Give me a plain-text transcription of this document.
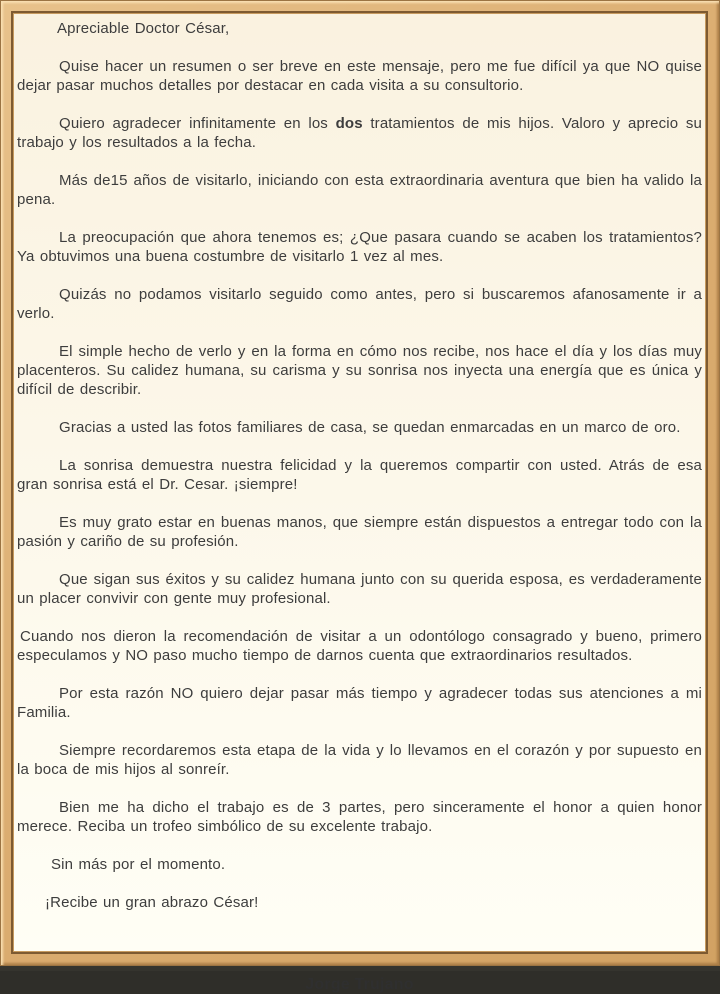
Apreciable Doctor César,

Quise hacer un resumen o ser breve en este mensaje, pero me fue difícil ya que NO quise dejar pasar muchos detalles por destacar en cada visita a su consultorio.

Quiero agradecer infinitamente en los dos tratamientos de mis hijos. Valoro y aprecio su trabajo y los resultados a la fecha.

Más de15 años de visitarlo, iniciando con esta extraordinaria aventura que bien ha valido la pena.

La preocupación que ahora tenemos es; ¿Que pasara cuando se acaben los tratamientos? Ya obtuvimos una buena costumbre de visitarlo 1 vez al mes.

Quizás no podamos visitarlo seguido como antes, pero si buscaremos afanosamente ir a verlo.

El simple hecho de verlo y en la forma en cómo nos recibe, nos hace el día y los días muy placenteros. Su calidez humana, su carisma y su sonrisa nos inyecta una energía que es única y difícil de describir.

Gracias a usted las fotos familiares de casa, se quedan enmarcadas en un marco de oro.

La sonrisa demuestra nuestra felicidad y la queremos compartir con usted. Atrás de esa gran sonrisa está el Dr. Cesar. ¡siempre!

Es muy grato estar en buenas manos, que siempre están dispuestos a entregar todo con la pasión y cariño de su profesión.

Que sigan sus éxitos y su calidez humana junto con su querida esposa, es verdaderamente un placer convivir con gente muy profesional.

Cuando nos dieron la recomendación de visitar a un odontólogo consagrado y bueno, primero especulamos y NO paso mucho tiempo de darnos cuenta que extraordinarios resultados.

Por esta razón NO quiero dejar pasar más tiempo y agradecer todas sus atenciones a mi Familia.

Siempre recordaremos esta etapa de la vida y lo llevamos en el corazón y por supuesto en la boca de mis hijos al sonreír.

Bien me ha dicho el trabajo es de 3 partes, pero sinceramente el honor a quien honor merece. Reciba un trofeo simbólico de su excelente trabajo.

Sin más por el momento.

¡Recibe un gran abrazo César!

Jorge Trujano
